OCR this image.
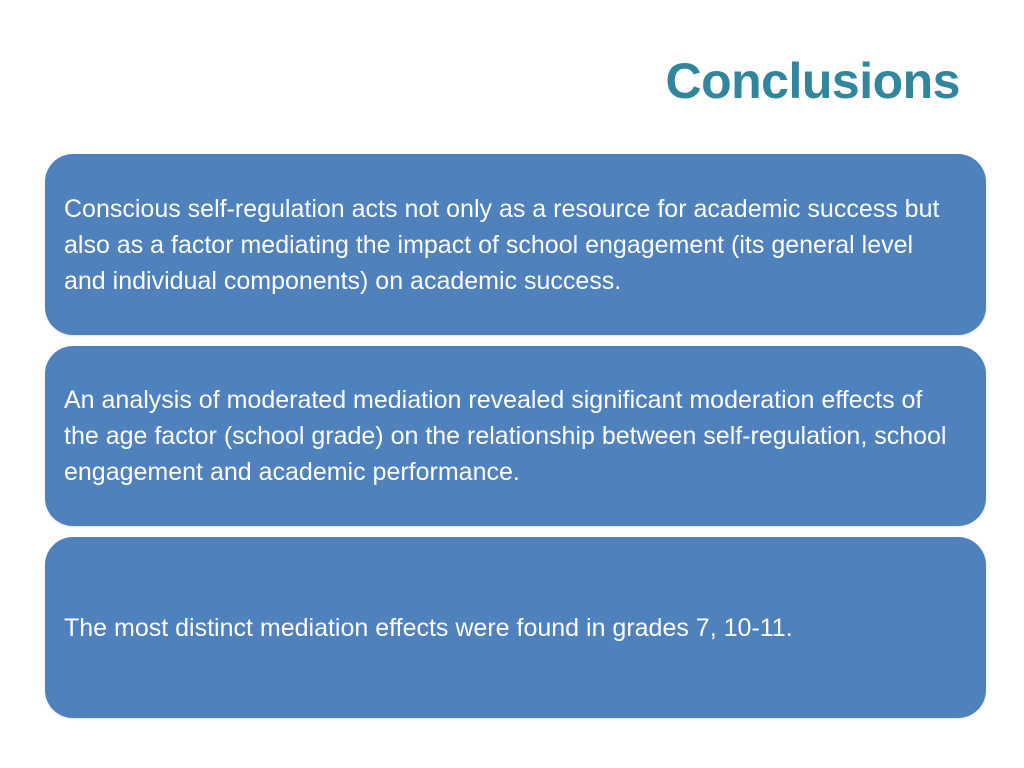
Conclusions

Conscious self-regulation acts not only as a resource for academic success but also as a factor mediating the impact of school engagement (its general level and individual components) on academic success.

An analysis of moderated mediation revealed significant moderation effects of the age factor (school grade) on the relationship between self-regulation, school engagement and academic performance.

The most distinct mediation effects were found in grades 7, 10-11.
